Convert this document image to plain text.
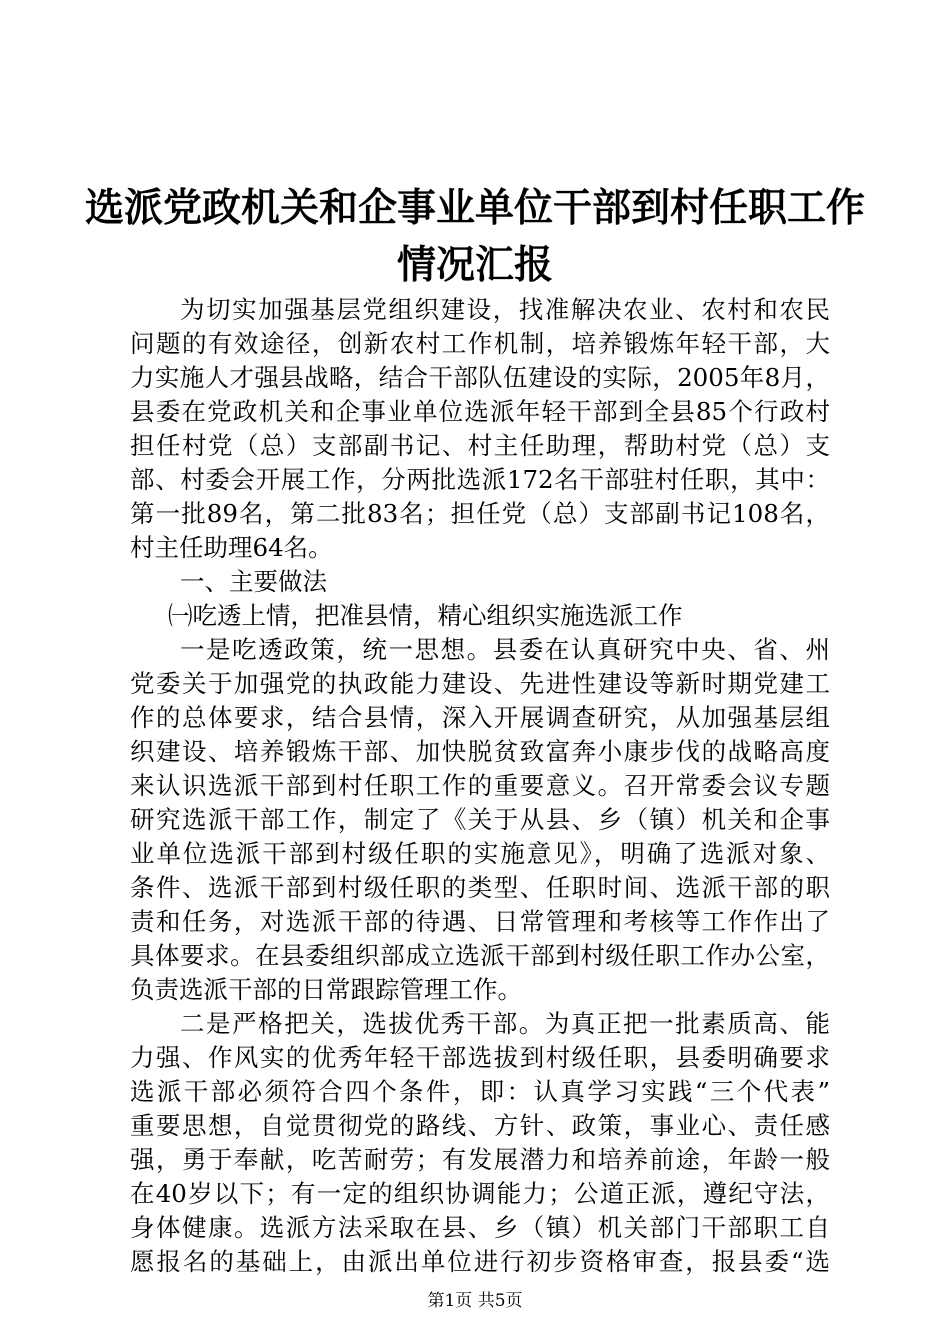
选派党政机关和企事业单位干部到村任职工作
情况汇报
为切实加强基层党组织建设，找准解决农业、农村和农民
问题的有效途径，创新农村工作机制，培养锻炼年轻干部，大
力实施人才强县战略，结合干部队伍建设的实际，2005年8月，
县委在党政机关和企事业单位选派年轻干部到全县85个行政村
担任村党（总）支部副书记、村主任助理，帮助村党（总）支
部、村委会开展工作，分两批选派172名干部驻村任职，其中：
第一批89名，第二批83名；担任党（总）支部副书记108名，
村主任助理64名。
一、主要做法
㈠吃透上情，把准县情，精心组织实施选派工作
一是吃透政策，统一思想。县委在认真研究中央、省、州
党委关于加强党的执政能力建设、先进性建设等新时期党建工
作的总体要求，结合县情，深入开展调查研究，从加强基层组
织建设、培养锻炼干部、加快脱贫致富奔小康步伐的战略高度
来认识选派干部到村任职工作的重要意义。召开常委会议专题
研究选派干部工作，制定了《关于从县、乡（镇）机关和企事
业单位选派干部到村级任职的实施意见》，明确了选派对象、
条件、选派干部到村级任职的类型、任职时间、选派干部的职
责和任务，对选派干部的待遇、日常管理和考核等工作作出了
具体要求。在县委组织部成立选派干部到村级任职工作办公室，
负责选派干部的日常跟踪管理工作。
二是严格把关，选拔优秀干部。为真正把一批素质高、能
力强、作风实的优秀年轻干部选拔到村级任职，县委明确要求
选派干部必须符合四个条件，即：认真学习实践“三个代表”
重要思想，自觉贯彻党的路线、方针、政策，事业心、责任感
强，勇于奉献，吃苦耐劳；有发展潜力和培养前途，年龄一般
在40岁以下；有一定的组织协调能力；公道正派，遵纪守法，
身体健康。选派方法采取在县、乡（镇）机关部门干部职工自
愿报名的基础上，由派出单位进行初步资格审查，报县委“选
第1页 共5页
